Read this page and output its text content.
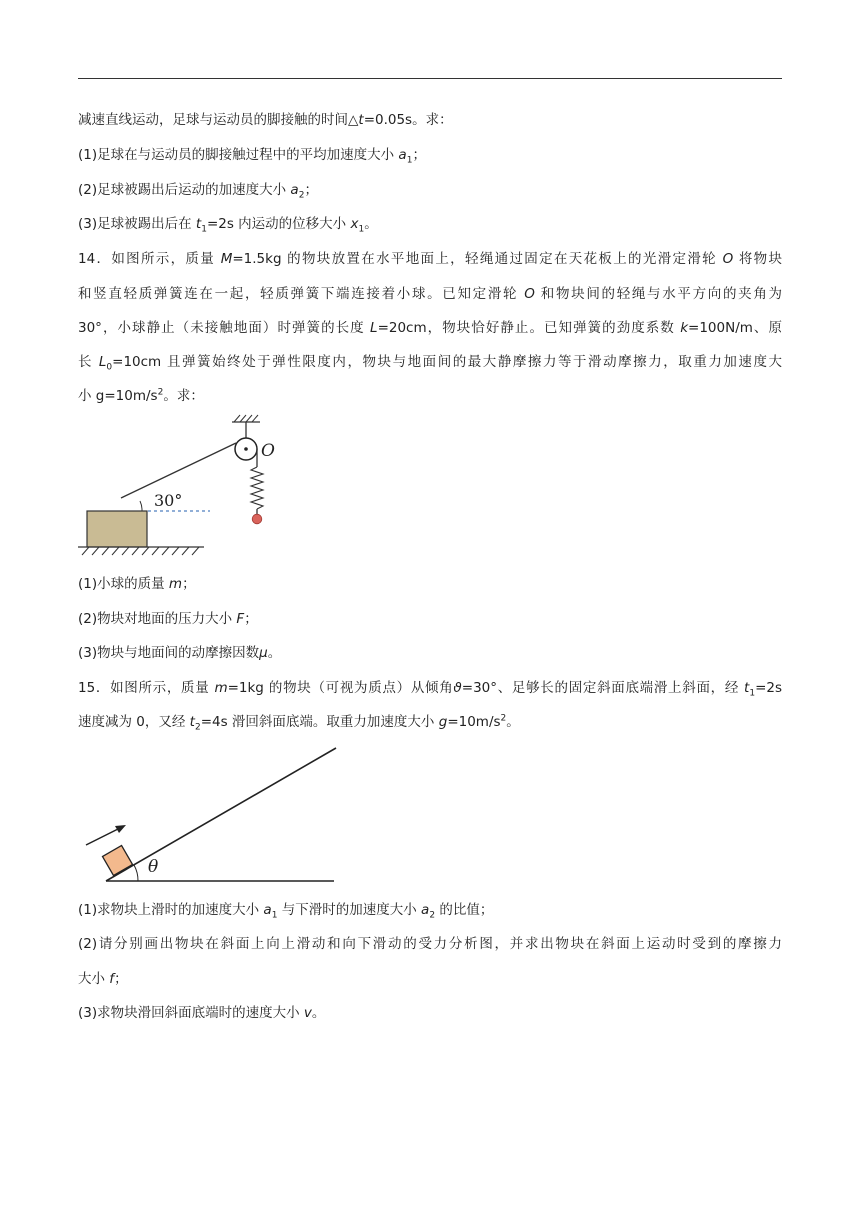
减速直线运动，足球与运动员的脚接触的时间△t=0.05s。求：
(1)足球在与运动员的脚接触过程中的平均加速度大小 $a_1$；
(2)足球被踢出后运动的加速度大小 $a_2$；
(3)足球被踢出后在 $t_1=2s$ 内运动的位移大小 $x_1$。
14．如图所示，质量 M=1.5kg 的物块放置在水平地面上，轻绳通过固定在天花板上的光滑定滑轮 O 将物块
和竖直轻质弹簧连在一起，轻质弹簧下端连接着小球。已知定滑轮 O 和物块间的轻绳与水平方向的夹角为
30°，小球静止（未接触地面）时弹簧的长度 L=20cm，物块恰好静止。已知弹簧的劲度系数 k=100N/m、原
长 $L_0=10cm$ 且弹簧始终处于弹性限度内，物块与地面间的最大静摩擦力等于滑动摩擦力，取重力加速度大
小 $g=10m/s^2$。求：
O
30°
(1)小球的质量 m；
(2)物块对地面的压力大小 F；
(3)物块与地面间的动摩擦因数μ。
15．如图所示，质量 m=1kg 的物块（可视为质点）从倾角ϑ=30°、足够长的固定斜面底端滑上斜面，经 $t_1=2s$
速度减为 0，又经 $t_2=4s$ 滑回斜面底端。取重力加速度大小 $g=10m/s^2$。
θ
(1)求物块上滑时的加速度大小 $a_1$ 与下滑时的加速度大小 $a_2$ 的比值；
(2)请分别画出物块在斜面上向上滑动和向下滑动的受力分析图，并求出物块在斜面上运动时受到的摩擦力
大小 f；
(3)求物块滑回斜面底端时的速度大小 v。
